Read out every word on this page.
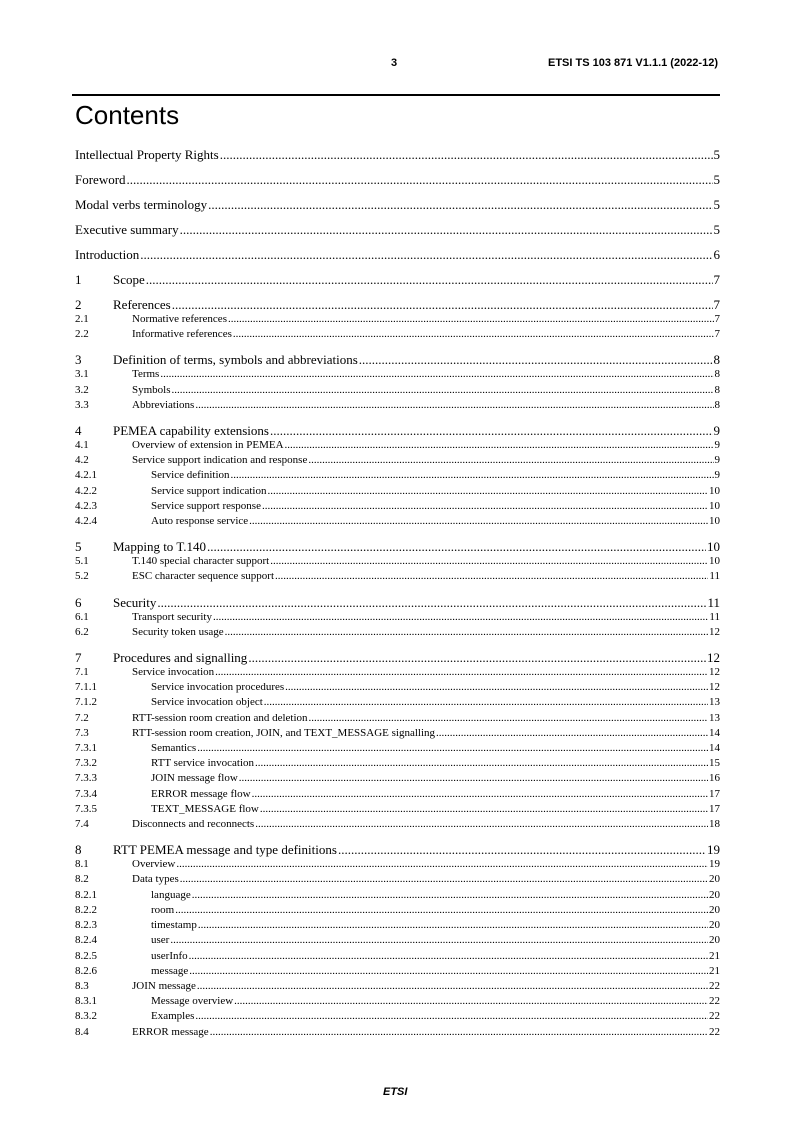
3	ETSI TS 103 871 V1.1.1 (2022-12)
Contents
Intellectual Property Rights .....	5
Foreword .....	5
Modal verbs terminology .....	5
Executive summary .....	5
Introduction .....	6
1 Scope .....	7
2 References .....	7
2.1	Normative references .....	7
2.2	Informative references .....	7
3 Definition of terms, symbols and abbreviations .....	8
3.1	Terms .....	8
3.2	Symbols .....	8
3.3	Abbreviations .....	8
4 PEMEA capability extensions .....	9
4.1	Overview of extension in PEMEA .....	9
4.2	Service support indication and response .....	9
4.2.1	Service definition .....	9
4.2.2	Service support indication .....	10
4.2.3	Service support response .....	10
4.2.4	Auto response service .....	10
5 Mapping to T.140 .....	10
5.1	T.140 special character support .....	10
5.2	ESC character sequence support .....	11
6 Security .....	11
6.1	Transport security .....	11
6.2	Security token usage .....	12
7 Procedures and signalling .....	12
7.1	Service invocation .....	12
7.1.1	Service invocation procedures .....	12
7.1.2	Service invocation object .....	13
7.2	RTT-session room creation and deletion .....	13
7.3	RTT-session room creation, JOIN, and TEXT_MESSAGE signalling .....	14
7.3.1	Semantics .....	14
7.3.2	RTT service invocation .....	15
7.3.3	JOIN message flow .....	16
7.3.4	ERROR message flow .....	17
7.3.5	TEXT_MESSAGE flow .....	17
7.4	Disconnects and reconnects .....	18
8 RTT PEMEA message and type definitions .....	19
8.1	Overview .....	19
8.2	Data types .....	20
8.2.1	language .....	20
8.2.2	room .....	20
8.2.3	timestamp .....	20
8.2.4	user .....	20
8.2.5	userInfo .....	21
8.2.6	message .....	21
8.3	JOIN message .....	22
8.3.1	Message overview .....	22
8.3.2	Examples .....	22
8.4	ERROR message .....	22
ETSI
